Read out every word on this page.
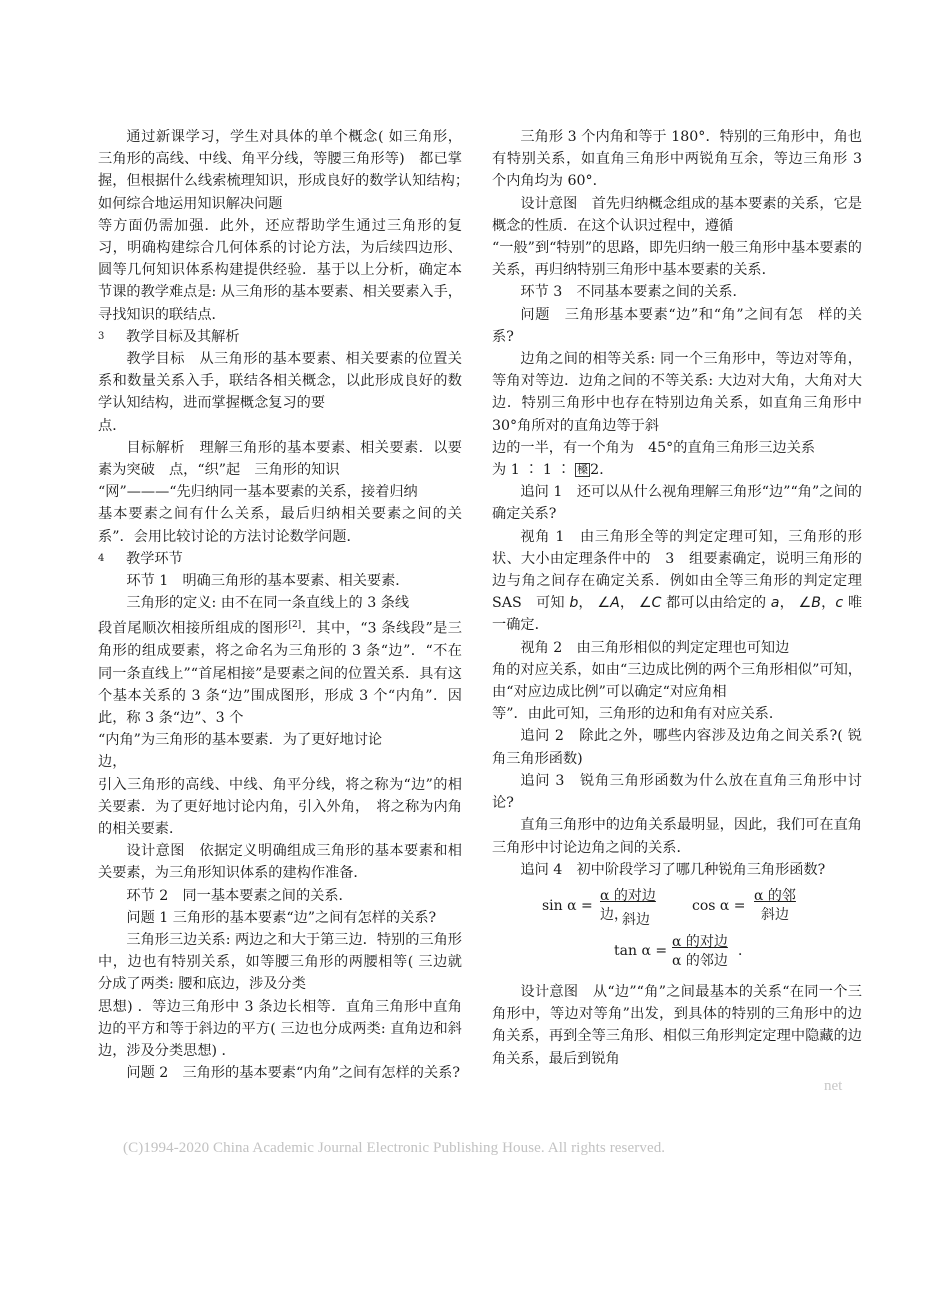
通过新课学习，学生对具体的单个概念( 如三角形，三角形的高线、中线、角平分线，等腰三角形等)　都已掌握，但根据什么线索梳理知识，形成良好的数学认知结构；　如何综合地运用知识解决问题

等方面仍需加强．此外，还应帮助学生通过三角形的复习，明确构建综合几何体系的讨论方法，为后续四边形、圆等几何知识体系构建提供经验．基于以上分析，确定本节课的教学难点是: 从三角形的基本要素、相关要素入手，寻找知识的联结点．

3 教学目标及其解析

教学目标　从三角形的基本要素、相关要素的位置关系和数量关系入手，联结各相关概念，以此形成良好的数学认知结构，进而掌握概念复习的要

点．

目标解析　理解三角形的基本要素、相关要素．以要素为突破　点，“织”起　三角形的知识

“网”———“先归纳同一基本要素的关系，接着归纳

基本要素之间有什么关系，最后归纳相关要素之间的关系”．会用比较讨论的方法讨论数学问题．

4 教学环节

环节 1　明确三角形的基本要素、相关要素．

三角形的定义: 由不在同一条直线上的 3 条线

段首尾顺次相接所组成的图形[2]．其中，“3 条线段”是三角形的组成要素，将之命名为三角形的 3 条“边”．“不在同一条直线上”“首尾相接”是要素之间的位置关系．具有这个基本关系的 3 条“边”围成图形，形成 3 个“内角”．因此，称 3 条“边”、3 个

“内角”为三角形的基本要素．为了更好地讨论

边，

引入三角形的高线、中线、角平分线，将之称为“边”的相关要素．为了更好地讨论内角，引入外角，　将之称为内角的相关要素．

设计意图　依据定义明确组成三角形的基本要素和相关要素，为三角形知识体系的建构作准备．

环节 2　同一基本要素之间的关系．

问题 1 三角形的基本要素“边”之间有怎样的关系?

三角形三边关系: 两边之和大于第三边．特别的三角形中，边也有特别关系，如等腰三角形的两腰相等( 三边就分成了两类: 腰和底边，涉及分类

思想) ．等边三角形中 3 条边长相等．直角三角形中直角边的平方和等于斜边的平方( 三边也分成两类: 直角边和斜边，涉及分类思想) ．

问题 2　三角形的基本要素“内角”之间有怎样的关系?

三角形 3 个内角和等于 180°．特别的三角形中，角也有特别关系，如直角三角形中两锐角互余，等边三角形 3 个内角均为 60°．

设计意图　首先归纳概念组成的基本要素的关系，它是概念的性质．在这个认识过程中，遵循

“一般”到“特别”的思路，即先归纳一般三角形中基本要素的关系，再归纳特别三角形中基本要素的关系．

环节 3　不同基本要素之间的关系．

问题　三角形基本要素“边”和“角”之间有怎　样的关系?

边角之间的相等关系: 同一个三角形中，等边对等角，等角对等边．边角之间的不等关系: 大边对大角，大角对大边．特别三角形中也存在特别边角关系，如直角三角形中　30°角所对的直角边等于斜

边的一半，有一个角为　45°的直角三角形三边关系

为 1 ∶ 1 ∶ 槡 2．

追问 1　还可以从什么视角理解三角形“边”“角”之间的确定关系?

视角 1　由三角形全等的判定定理可知，三角形的形状、大小由定理条件中的　3　组要素确定，说明三角形的边与角之间存在确定关系．例如由全等三角形的判定定理　SAS　可知 b， ∠A， ∠C 都可以由给定的 a， ∠B，c 唯一确定．

视角 2　由三角形相似的判定定理也可知边

角的对应关系，如由“三边成比例的两个三角形相似”可知，由“对应边成比例”可以确定“对应角相

等”．由此可知，三角形的边和角有对应关系．

追问 2　除此之外，哪些内容涉及边角之间关系?( 锐角三角形函数)

追问 3　锐角三角形函数为什么放在直角三角形中讨论?

直角三角形中的边角关系最明显，因此，我们可在直角三角形中讨论边角之间的关系．

追问 4　初中阶段学习了哪几种锐角三角形函数?

sin α =
α 的对边
边，
斜边
cos α =
α 的邻
斜边
tan α =
α 的对边
α 的邻边
．

设计意图　从“边”“角”之间最基本的关系“在同一个三角形中，等边对等角”出发，到具体的特别的三角形中的边角关系，再到全等三角形、相似三角形判定定理中隐藏的边角关系，最后到锐角

net
(C)1994-2020 China Academic Journal Electronic Publishing House. All rights reserved.
